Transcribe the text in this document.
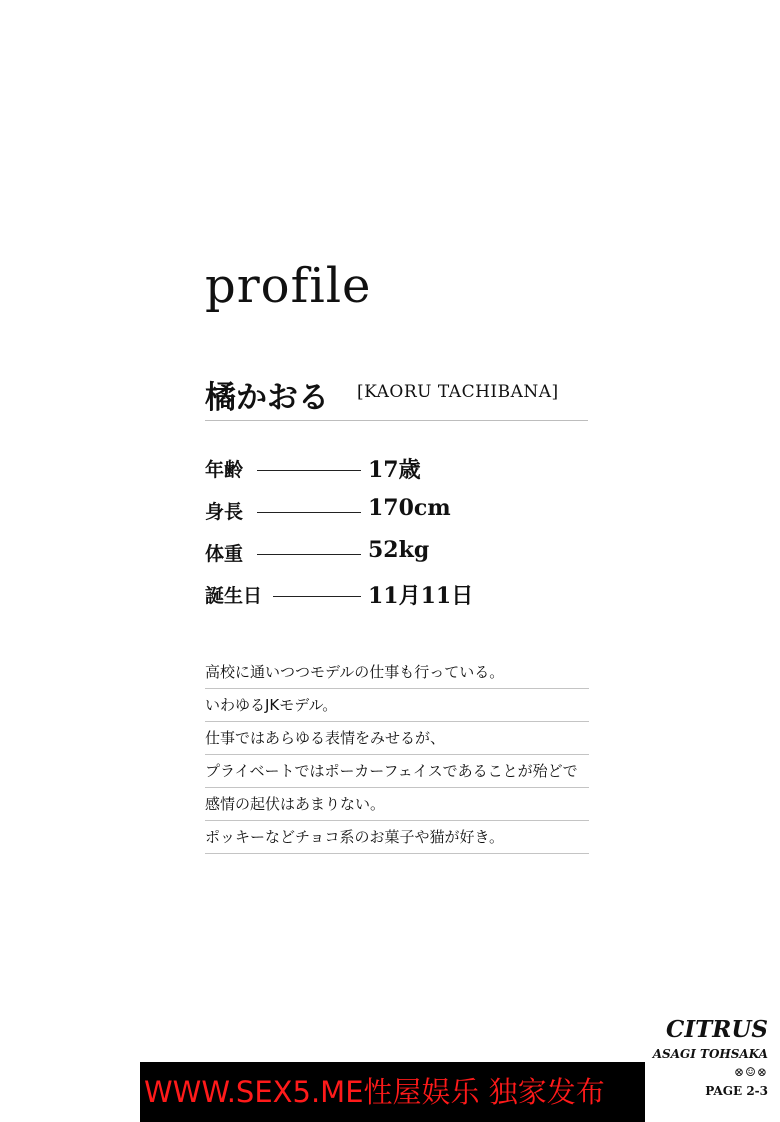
profile
橘かおる [KAORU TACHIBANA]
年齢	17歳
身長	170cm
体重	52kg
誕生日	11月11日
高校に通いつつモデルの仕事も行っている。
いわゆるJKモデル。
仕事ではあらゆる表情をみせるが、
プライベートではポーカーフェイスであることが殆どで
感情の起伏はあまりない。
ポッキーなどチョコ系のお菓子や猫が好き。
CITRUS
ASAGI TOHSAKA
⊗☺⊗
PAGE 2-3
WWW.SEX5.ME性屋娱乐 独家发布
